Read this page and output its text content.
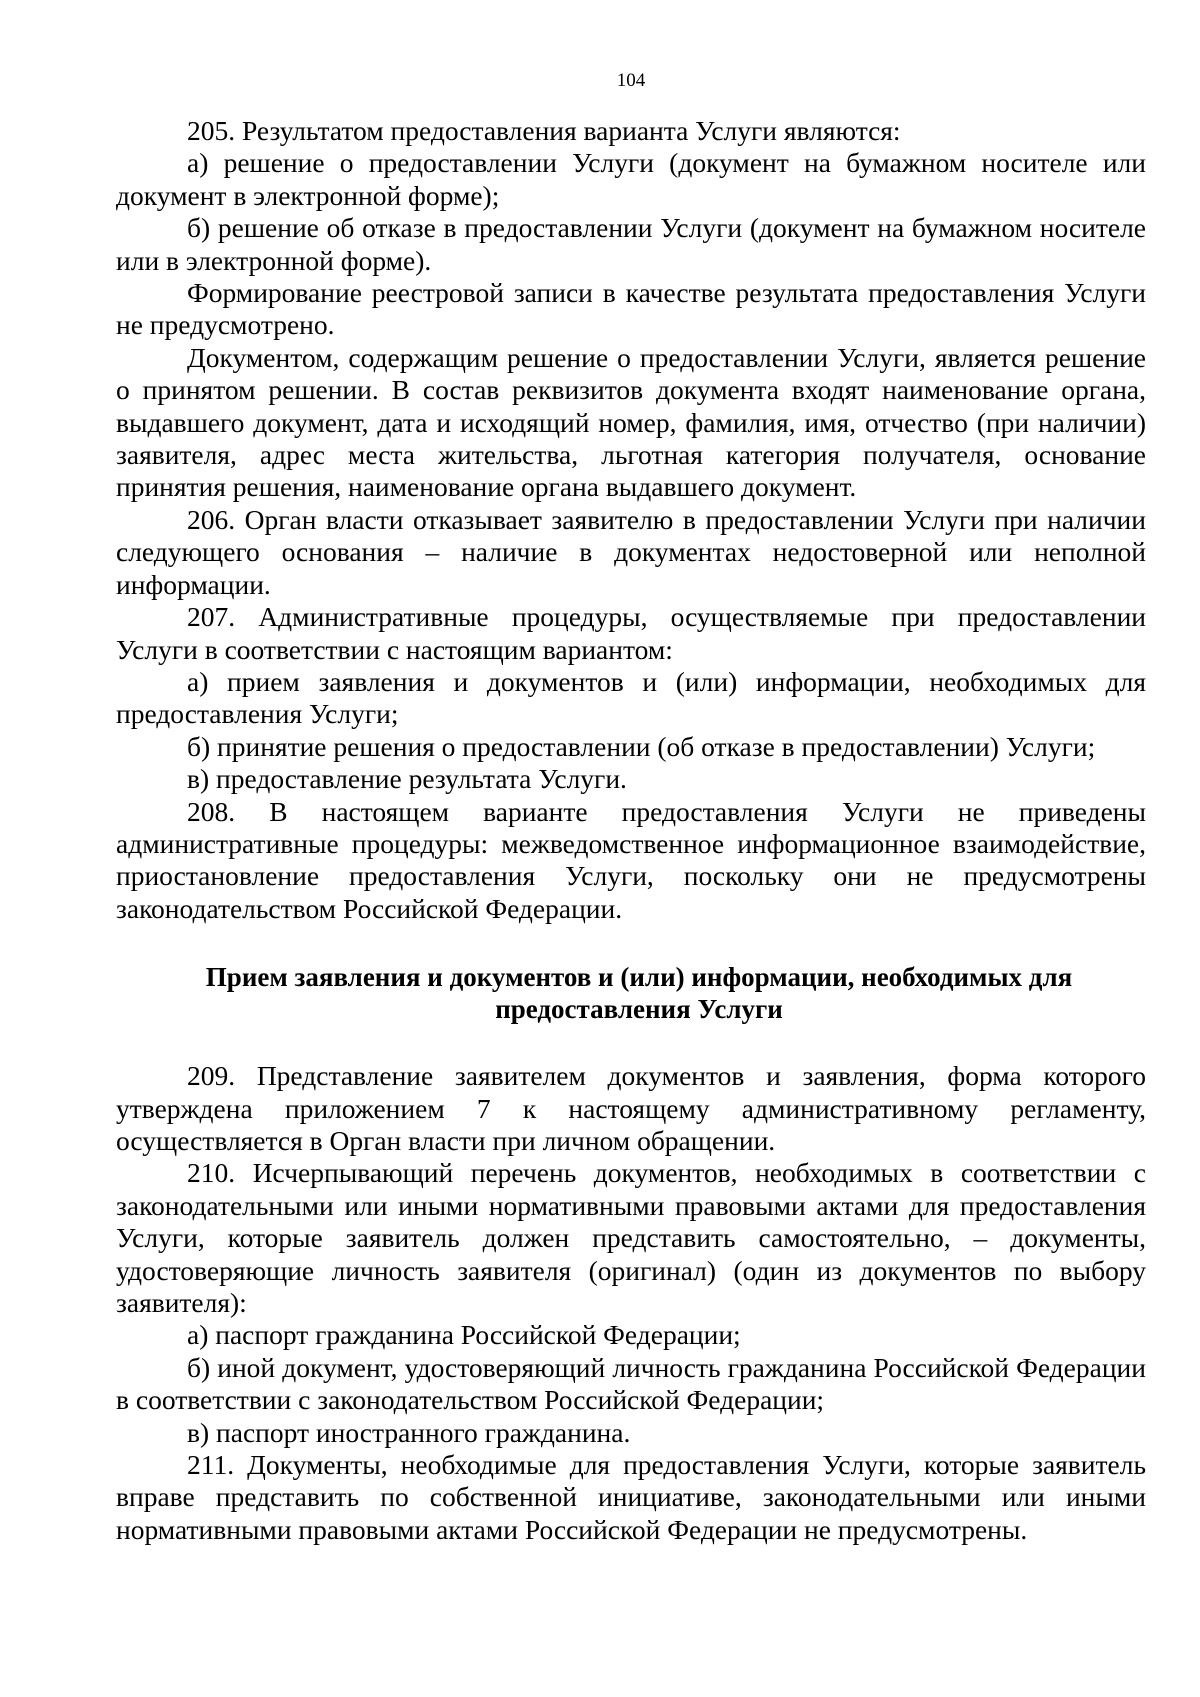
104

205. Результатом предоставления варианта Услуги являются:

а) решение о предоставлении Услуги (документ на бумажном носителе или документ в электронной форме);

б) решение об отказе в предоставлении Услуги (документ на бумажном носителе или в электронной форме).

Формирование реестровой записи в качестве результата предоставления Услуги не предусмотрено.

Документом, содержащим решение о предоставлении Услуги, является решение о принятом решении. В состав реквизитов документа входят наименование органа, выдавшего документ, дата и исходящий номер, фамилия, имя, отчество (при наличии) заявителя, адрес места жительства, льготная категория получателя, основание принятия решения, наименование органа выдавшего документ.

206. Орган власти отказывает заявителю в предоставлении Услуги при наличии следующего основания – наличие в документах недостоверной или неполной информации.

207. Административные процедуры, осуществляемые при предоставлении Услуги в соответствии с настоящим вариантом:

а) прием заявления и документов и (или) информации, необходимых для предоставления Услуги;

б) принятие решения о предоставлении (об отказе в предоставлении) Услуги;

в) предоставление результата Услуги.

208. В настоящем варианте предоставления Услуги не приведены административные процедуры: межведомственное информационное взаимодействие, приостановление предоставления Услуги, поскольку они не предусмотрены законодательством Российской Федерации.

Прием заявления и документов и (или) информации, необходимых для предоставления Услуги

209. Представление заявителем документов и заявления, форма которого утверждена приложением 7 к настоящему административному регламенту, осуществляется в Орган власти при личном обращении.

210. Исчерпывающий перечень документов, необходимых в соответствии с законодательными или иными нормативными правовыми актами для предоставления Услуги, которые заявитель должен представить самостоятельно, – документы, удостоверяющие личность заявителя (оригинал) (один из документов по выбору заявителя):

а) паспорт гражданина Российской Федерации;

б) иной документ, удостоверяющий личность гражданина Российской Федерации в соответствии с законодательством Российской Федерации;

в) паспорт иностранного гражданина.

211. Документы, необходимые для предоставления Услуги, которые заявитель вправе представить по собственной инициативе, законодательными или иными нормативными правовыми актами Российской Федерации не предусмотрены.
